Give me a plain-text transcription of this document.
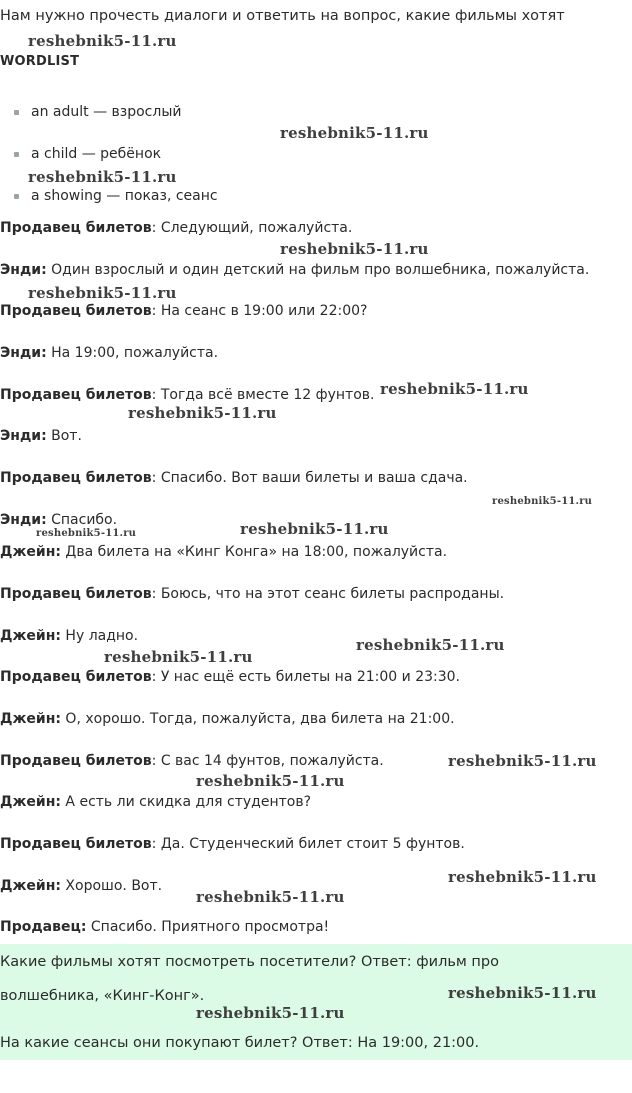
Нам нужно прочесть диалоги и ответить на вопрос, какие фильмы хотят
WORDLIST
an adult — взрослый
a child — ребёнок
a showing — показ, сеанс
Продавец билетов: Следующий, пожалуйста.
Энди: Один взрослый и один детский на фильм про волшебника, пожалуйста.
Продавец билетов: На сеанс в 19:00 или 22:00?
Энди: На 19:00, пожалуйста.
Продавец билетов: Тогда всё вместе 12 фунтов.
Энди: Вот.
Продавец билетов: Спасибо. Вот ваши билеты и ваша сдача.
Энди: Спасибо.
Джейн: Два билета на «Кинг Конга» на 18:00, пожалуйста.
Продавец билетов: Боюсь, что на этот сеанс билеты распроданы.
Джейн: Ну ладно.
Продавец билетов: У нас ещё есть билеты на 21:00 и 23:30.
Джейн: О, хорошо. Тогда, пожалуйста, два билета на 21:00.
Продавец билетов: С вас 14 фунтов, пожалуйста.
Джейн: А есть ли скидка для студентов?
Продавец билетов: Да. Студенческий билет стоит 5 фунтов.
Джейн: Хорошо. Вот.
Продавец: Спасибо. Приятного просмотра!
Какие фильмы хотят посмотреть посетители? Ответ: фильм про
волшебника, «Кинг-Конг».
На какие сеансы они покупают билет? Ответ: На 19:00, 21:00.
reshebnik5-11.ru
reshebnik5-11.ru
reshebnik5-11.ru
reshebnik5-11.ru
reshebnik5-11.ru
reshebnik5-11.ru
reshebnik5-11.ru
reshebnik5-11.ru
reshebnik5-11.ru	reshebnik5-11.ru
reshebnik5-11.ru
reshebnik5-11.ru
reshebnik5-11.ru
reshebnik5-11.ru
reshebnik5-11.ru
reshebnik5-11.ru
reshebnik5-11.ru
reshebnik5-11.ru
